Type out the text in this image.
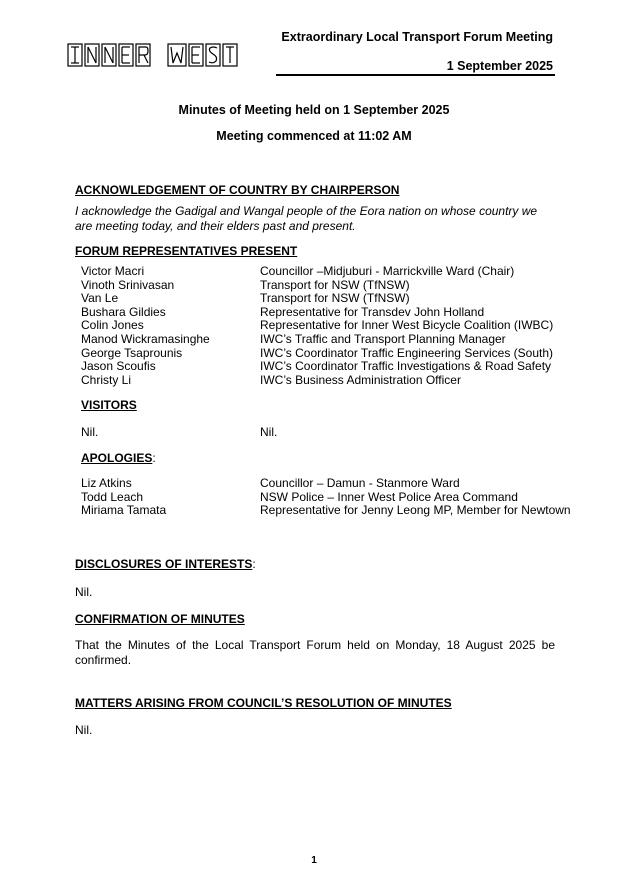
Extraordinary Local Transport Forum Meeting
1 September 2025
Minutes of Meeting held on 1 September 2025
Meeting commenced at 11:02 AM
ACKNOWLEDGEMENT OF COUNTRY BY CHAIRPERSON
I acknowledge the Gadigal and Wangal people of the Eora nation on whose country we are meeting today, and their elders past and present.
FORUM REPRESENTATIVES PRESENT
Victor Macri	Councillor –Midjuburi - Marrickville Ward (Chair)
Vinoth Srinivasan	Transport for NSW (TfNSW)
Van Le	Transport for NSW (TfNSW)
Bushara Gildies	Representative for Transdev John Holland
Colin Jones	Representative for Inner West Bicycle Coalition (IWBC)
Manod Wickramasinghe	IWC’s Traffic and Transport Planning Manager
George Tsaprounis	IWC’s Coordinator Traffic Engineering Services (South)
Jason Scoufis	IWC’s Coordinator Traffic Investigations & Road Safety
Christy Li	IWC’s Business Administration Officer
VISITORS
Nil.	Nil.
APOLOGIES:
Liz Atkins	Councillor – Damun - Stanmore Ward
Todd Leach	NSW Police – Inner West Police Area Command
Miriama Tamata	Representative for Jenny Leong MP, Member for Newtown
DISCLOSURES OF INTERESTS:
Nil.
CONFIRMATION OF MINUTES
That the Minutes of the Local Transport Forum held on Monday, 18 August 2025 be confirmed.
MATTERS ARISING FROM COUNCIL’S RESOLUTION OF MINUTES
Nil.
1
